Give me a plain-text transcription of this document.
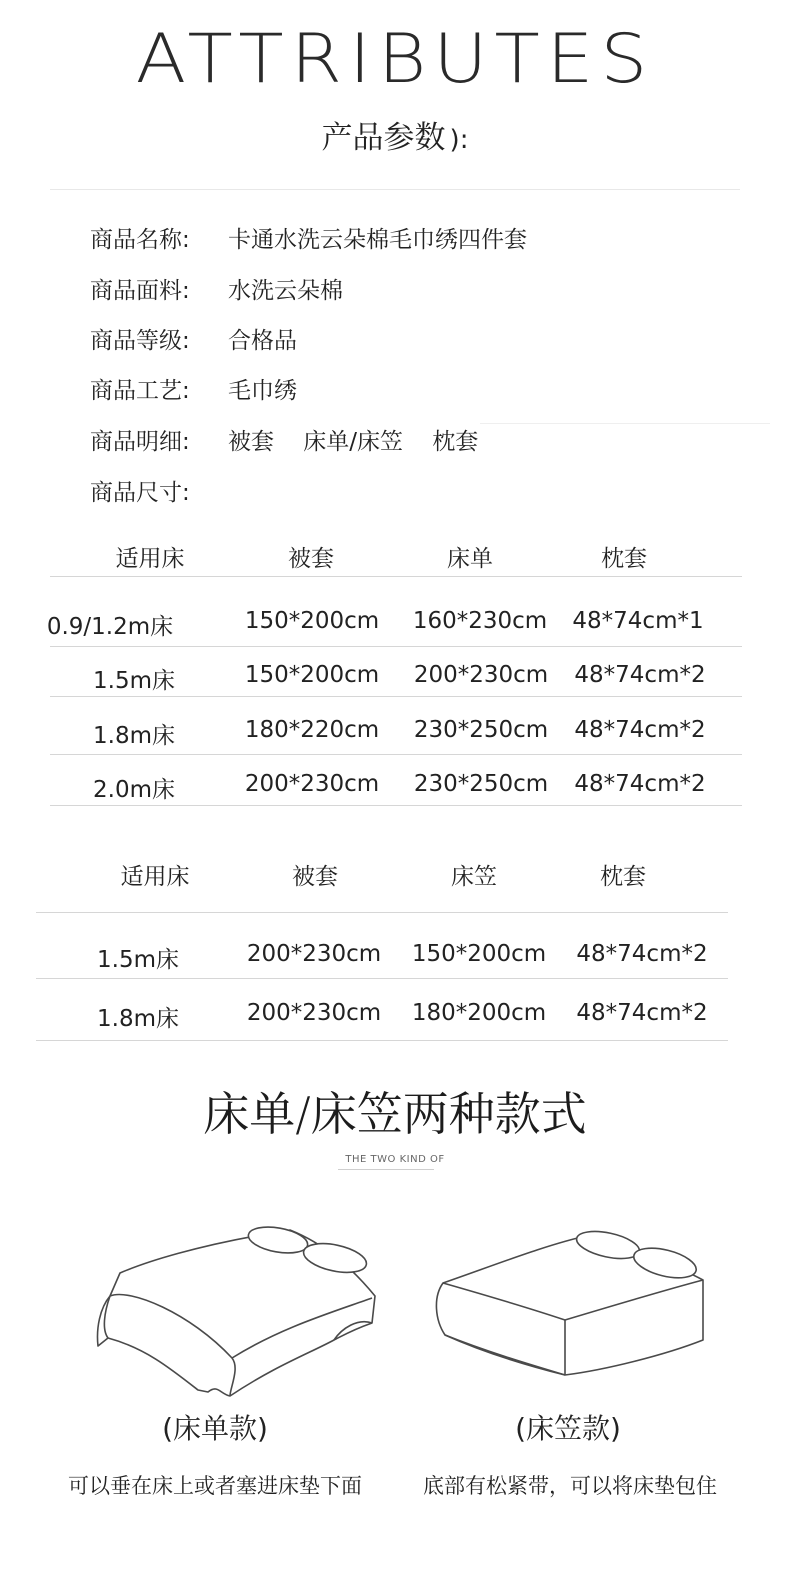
ATTRIBUTES
产品参数 ):
商品名称: 卡通水洗云朵棉毛巾绣四件套
商品面料: 水洗云朵棉
商品等级: 合格品
商品工艺: 毛巾绣
商品明细: 被套    床单/床笠    枕套
商品尺寸:
适用床	被套	床单	枕套
0.9/1.2m床	150*200cm 160*230cm 48*74cm*1
1.5m床	150*200cm 200*230cm 48*74cm*2
1.8m床	180*220cm 230*250cm 48*74cm*2
2.0m床	200*230cm 230*250cm 48*74cm*2
适用床	被套	床笠	枕套
1.5m床	200*230cm 150*200cm 48*74cm*2
1.8m床	200*230cm 180*200cm 48*74cm*2
床单/床笠两种款式
THE TWO KIND OF
(床单款)	(床笠款)
可以垂在床上或者塞进床垫下面	底部有松紧带，可以将床垫包住
